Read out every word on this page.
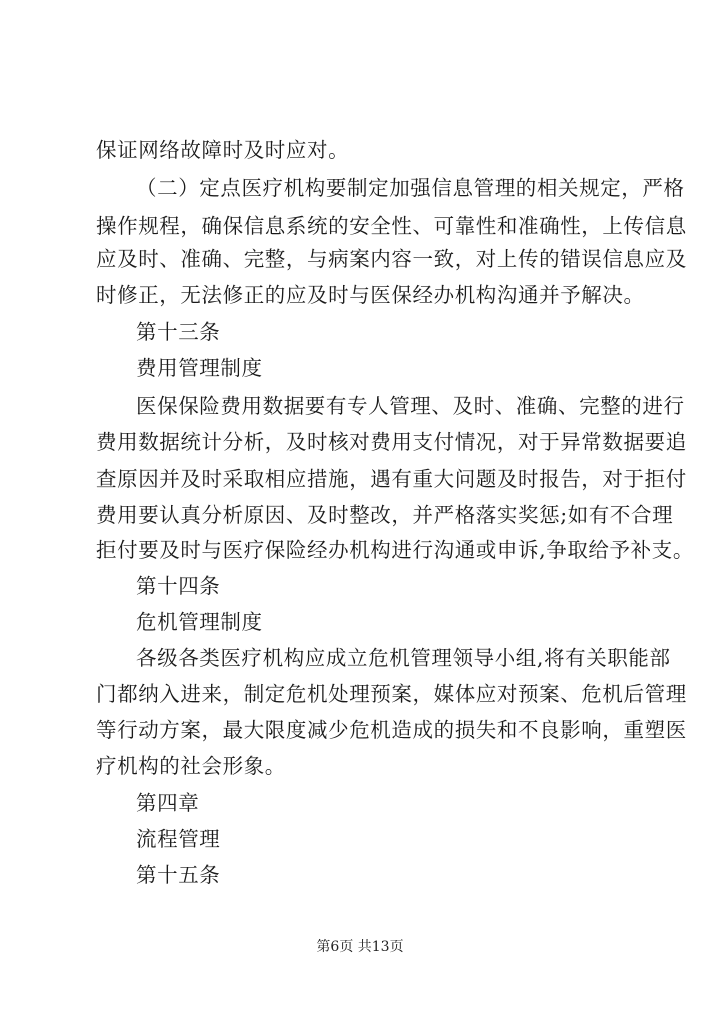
保证网络故障时及时应对。
（二）定点医疗机构要制定加强信息管理的相关规定，严格
操作规程，确保信息系统的安全性、可靠性和准确性，上传信息
应及时、准确、完整，与病案内容一致，对上传的错误信息应及
时修正，无法修正的应及时与医保经办机构沟通并予解决。
第十三条
费用管理制度
医保保险费用数据要有专人管理、及时、准确、完整的进行
费用数据统计分析，及时核对费用支付情况，对于异常数据要追
查原因并及时采取相应措施，遇有重大问题及时报告，对于拒付
费用要认真分析原因、及时整改，并严格落实奖惩;如有不合理
拒付要及时与医疗保险经办机构进行沟通或申诉,争取给予补支。
第十四条
危机管理制度
各级各类医疗机构应成立危机管理领导小组,将有关职能部
门都纳入进来，制定危机处理预案，媒体应对预案、危机后管理
等行动方案，最大限度减少危机造成的损失和不良影响，重塑医
疗机构的社会形象。
第四章
流程管理
第十五条
第6页 共13页
